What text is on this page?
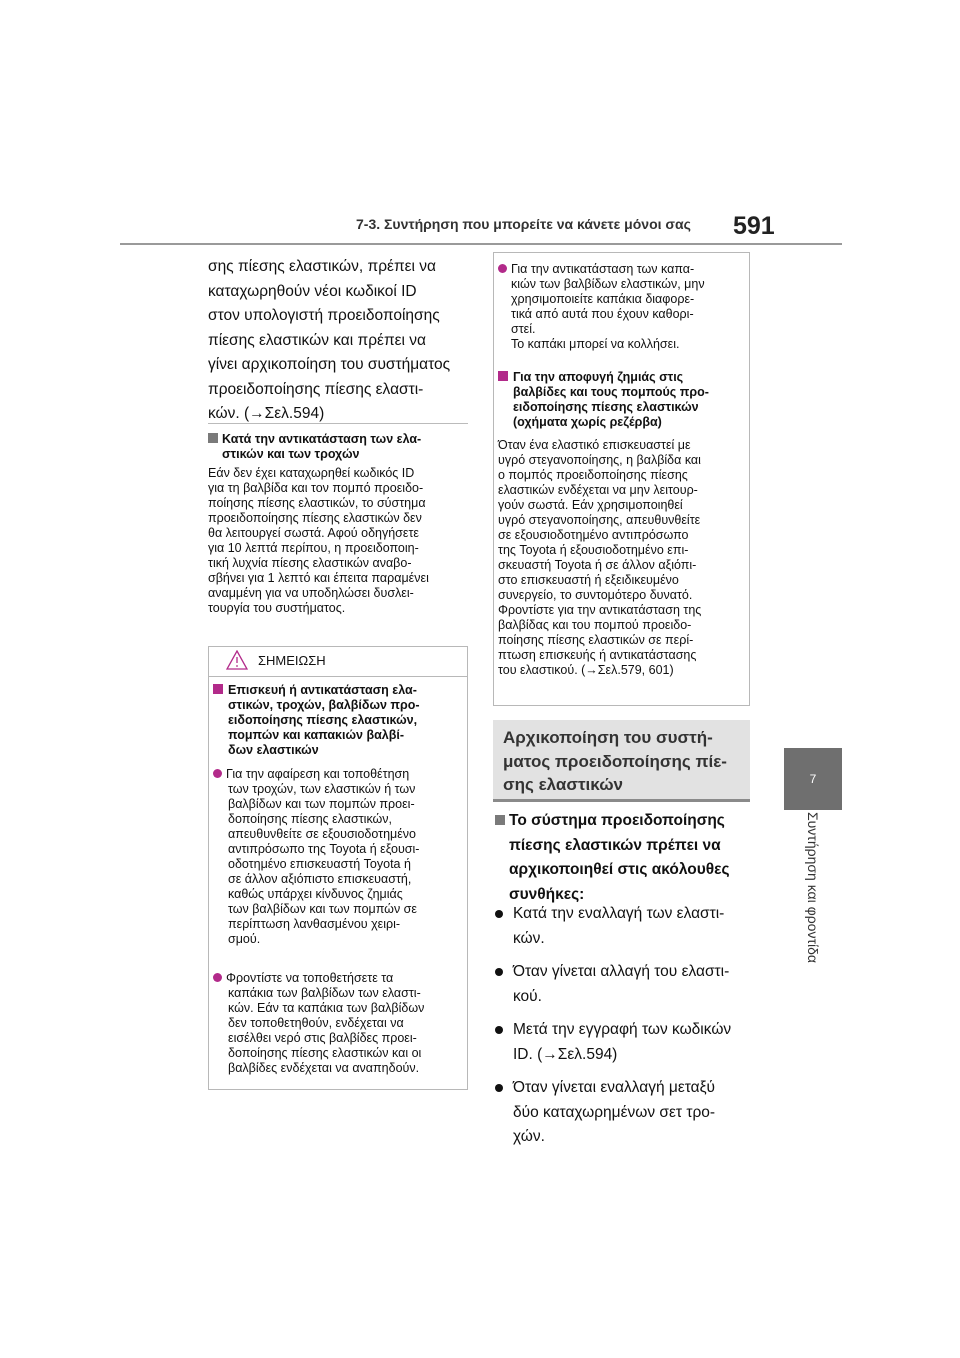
7-3. Συντήρηση που μπορείτε να κάνετε μόνοι σας 591
7
Συντήρηση και φροντίδα
σης πίεσης ελαστικών, πρέπει να
καταχωρηθούν νέοι κωδικοί ID
στον υπολογιστή προειδοποίησης
πίεσης ελαστικών και πρέπει να
γίνει αρχικοποίηση του συστήματος
προειδοποίησης πίεσης ελαστι-
κών. (→Σελ.594)
Κατά την αντικατάσταση των ελα-
στικών και των τροχών
Εάν δεν έχει καταχωρηθεί κωδικός ID
για τη βαλβίδα και τον πομπό προειδο-
ποίησης πίεσης ελαστικών, το σύστημα
προειδοποίησης πίεσης ελαστικών δεν
θα λειτουργεί σωστά. Αφού οδηγήσετε
για 10 λεπτά περίπου, η προειδοποιη-
τική λυχνία πίεσης ελαστικών αναβο-
σβήνει για 1 λεπτό και έπειτα παραμένει
αναμμένη για να υποδηλώσει δυσλει-
τουργία του συστήματος.
ΣΗΜΕΙΩΣΗ
Επισκευή ή αντικατάσταση ελα-
στικών, τροχών, βαλβίδων προ-
ειδοποίησης πίεσης ελαστικών,
πομπών και καπακιών βαλβί-
δων ελαστικών
Για την αφαίρεση και τοποθέτηση
των τροχών, των ελαστικών ή των
βαλβίδων και των πομπών προει-
δοποίησης πίεσης ελαστικών,
απευθυνθείτε σε εξουσιοδοτημένο
αντιπρόσωπο της Toyota ή εξουσι-
οδοτημένο επισκευαστή Toyota ή
σε άλλον αξιόπιστο επισκευαστή,
καθώς υπάρχει κίνδυνος ζημιάς
των βαλβίδων και των πομπών σε
περίπτωση λανθασμένου χειρι-
σμού.
Φροντίστε να τοποθετήσετε τα
καπάκια των βαλβίδων των ελαστι-
κών. Εάν τα καπάκια των βαλβίδων
δεν τοποθετηθούν, ενδέχεται να
εισέλθει νερό στις βαλβίδες προει-
δοποίησης πίεσης ελαστικών και οι
βαλβίδες ενδέχεται να αναπηδούν.
Για την αντικατάσταση των καπα-
κιών των βαλβίδων ελαστικών, μην
χρησιμοποιείτε καπάκια διαφορε-
τικά από αυτά που έχουν καθορι-
στεί.
Το καπάκι μπορεί να κολλήσει.
Για την αποφυγή ζημιάς στις
βαλβίδες και τους πομπούς προ-
ειδοποίησης πίεσης ελαστικών
(οχήματα χωρίς ρεζέρβα)
Όταν ένα ελαστικό επισκευαστεί με
υγρό στεγανοποίησης, η βαλβίδα και
ο πομπός προειδοποίησης πίεσης
ελαστικών ενδέχεται να μην λειτουρ-
γούν σωστά. Εάν χρησιμοποιηθεί
υγρό στεγανοποίησης, απευθυνθείτε
σε εξουσιοδοτημένο αντιπρόσωπο
της Toyota ή εξουσιοδοτημένο επι-
σκευαστή Toyota ή σε άλλον αξιόπι-
στο επισκευαστή ή εξειδικευμένο
συνεργείο, το συντομότερο δυνατό.
Φροντίστε για την αντικατάσταση της
βαλβίδας και του πομπού προειδο-
ποίησης πίεσης ελαστικών σε περί-
πτωση επισκευής ή αντικατάστασης
του ελαστικού. (→Σελ.579, 601)
Αρχικοποίηση του συστή-
ματος προειδοποίησης πίε-
σης ελαστικών
Το σύστημα προειδοποίησης
πίεσης ελαστικών πρέπει να
αρχικοποιηθεί στις ακόλουθες
συνθήκες:
Κατά την εναλλαγή των ελαστι-
κών.
Όταν γίνεται αλλαγή του ελαστι-
κού.
Μετά την εγγραφή των κωδικών
ID. (→Σελ.594)
Όταν γίνεται εναλλαγή μεταξύ
δύο καταχωρημένων σετ τρο-
χών.
